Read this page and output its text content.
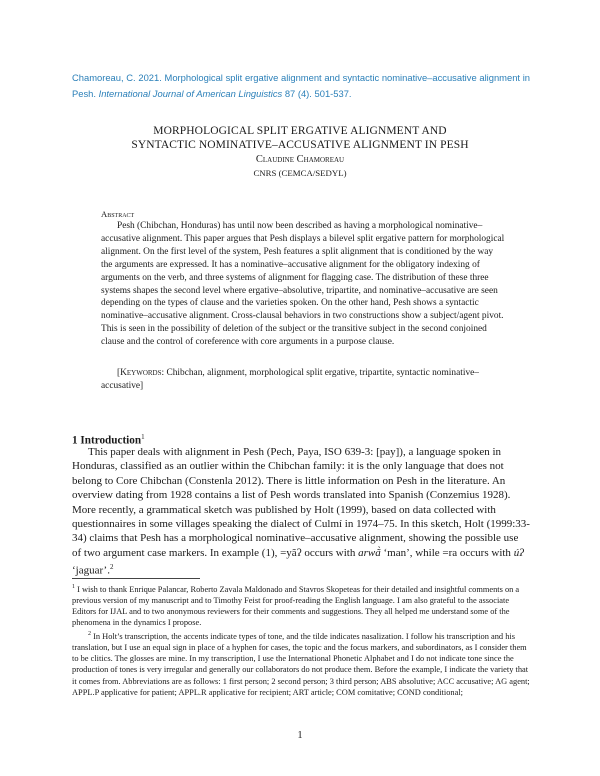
Chamoreau, C. 2021. Morphological split ergative alignment and syntactic nominative–accusative alignment in Pesh. International Journal of American Linguistics 87 (4). 501-537.
MORPHOLOGICAL SPLIT ERGATIVE ALIGNMENT AND
SYNTACTIC NOMINATIVE–ACCUSATIVE ALIGNMENT IN PESH
Claudine Chamoreau
CNRS (CEMCA/SEDYL)
Abstract
Pesh (Chibchan, Honduras) has until now been described as having a morphological nominative–accusative alignment. This paper argues that Pesh displays a bilevel split ergative pattern for morphological alignment. On the first level of the system, Pesh features a split alignment that is conditioned by the way the arguments are expressed. It has a nominative–accusative alignment for the obligatory indexing of arguments on the verb, and three systems of alignment for flagging case. The distribution of these three systems shapes the second level where ergative–absolutive, tripartite, and nominative–accusative are seen depending on the types of clause and the varieties spoken. On the other hand, Pesh shows a syntactic nominative–accusative alignment. Cross-clausal behaviors in two constructions show a subject/agent pivot. This is seen in the possibility of deletion of the subject or the transitive subject in the second conjoined clause and the control of coreference with core arguments in a purpose clause.
[Keywords: Chibchan, alignment, morphological split ergative, tripartite, syntactic nominative–accusative]
1 Introduction$^1$
This paper deals with alignment in Pesh (Pech, Paya, ISO 639-3: [pay]), a language spoken in Honduras, classified as an outlier within the Chibchan family: it is the only language that does not belong to Core Chibchan (Constenla 2012). There is little information on Pesh in the literature. An overview dating from 1928 contains a list of Pesh words translated into Spanish (Conzemius 1928). More recently, a grammatical sketch was published by Holt (1999), based on data collected with questionnaires in some villages speaking the dialect of Culmí in 1974–75. In this sketch, Holt (1999:33-34) claims that Pesh has a morphological nominative–accusative alignment, showing the possible use of two argument case markers. In example (1), =yãʔ occurs with arwã̀ ‘man’, while =ra occurs with úʔ ‘jaguar’.$^2$
$^1$ I wish to thank Enrique Palancar, Roberto Zavala Maldonado and Stavros Skopeteas for their detailed and insightful comments on a previous version of my manuscript and to Timothy Feist for proof-reading the English language. I am also grateful to the associate Editors for IJAL and to two anonymous reviewers for their comments and suggestions. They all helped me understand some of the phenomena in the dynamics I propose.
$^2$ In Holt’s transcription, the accents indicate types of tone, and the tilde indicates nasalization. I follow his transcription and his translation, but I use an equal sign in place of a hyphen for cases, the topic and the focus markers, and subordinators, as I consider them to be clitics. The glosses are mine. In my transcription, I use the International Phonetic Alphabet and I do not indicate tone since the production of tones is very irregular and generally our collaborators do not produce them. Before the example, I indicate the variety that it comes from. Abbreviations are as follows: 1 first person; 2 second person; 3 third person; ABS absolutive; ACC accusative; AG agent; APPL.P applicative for patient; APPL.R applicative for recipient; ART article; COM comitative; COND conditional;
1
